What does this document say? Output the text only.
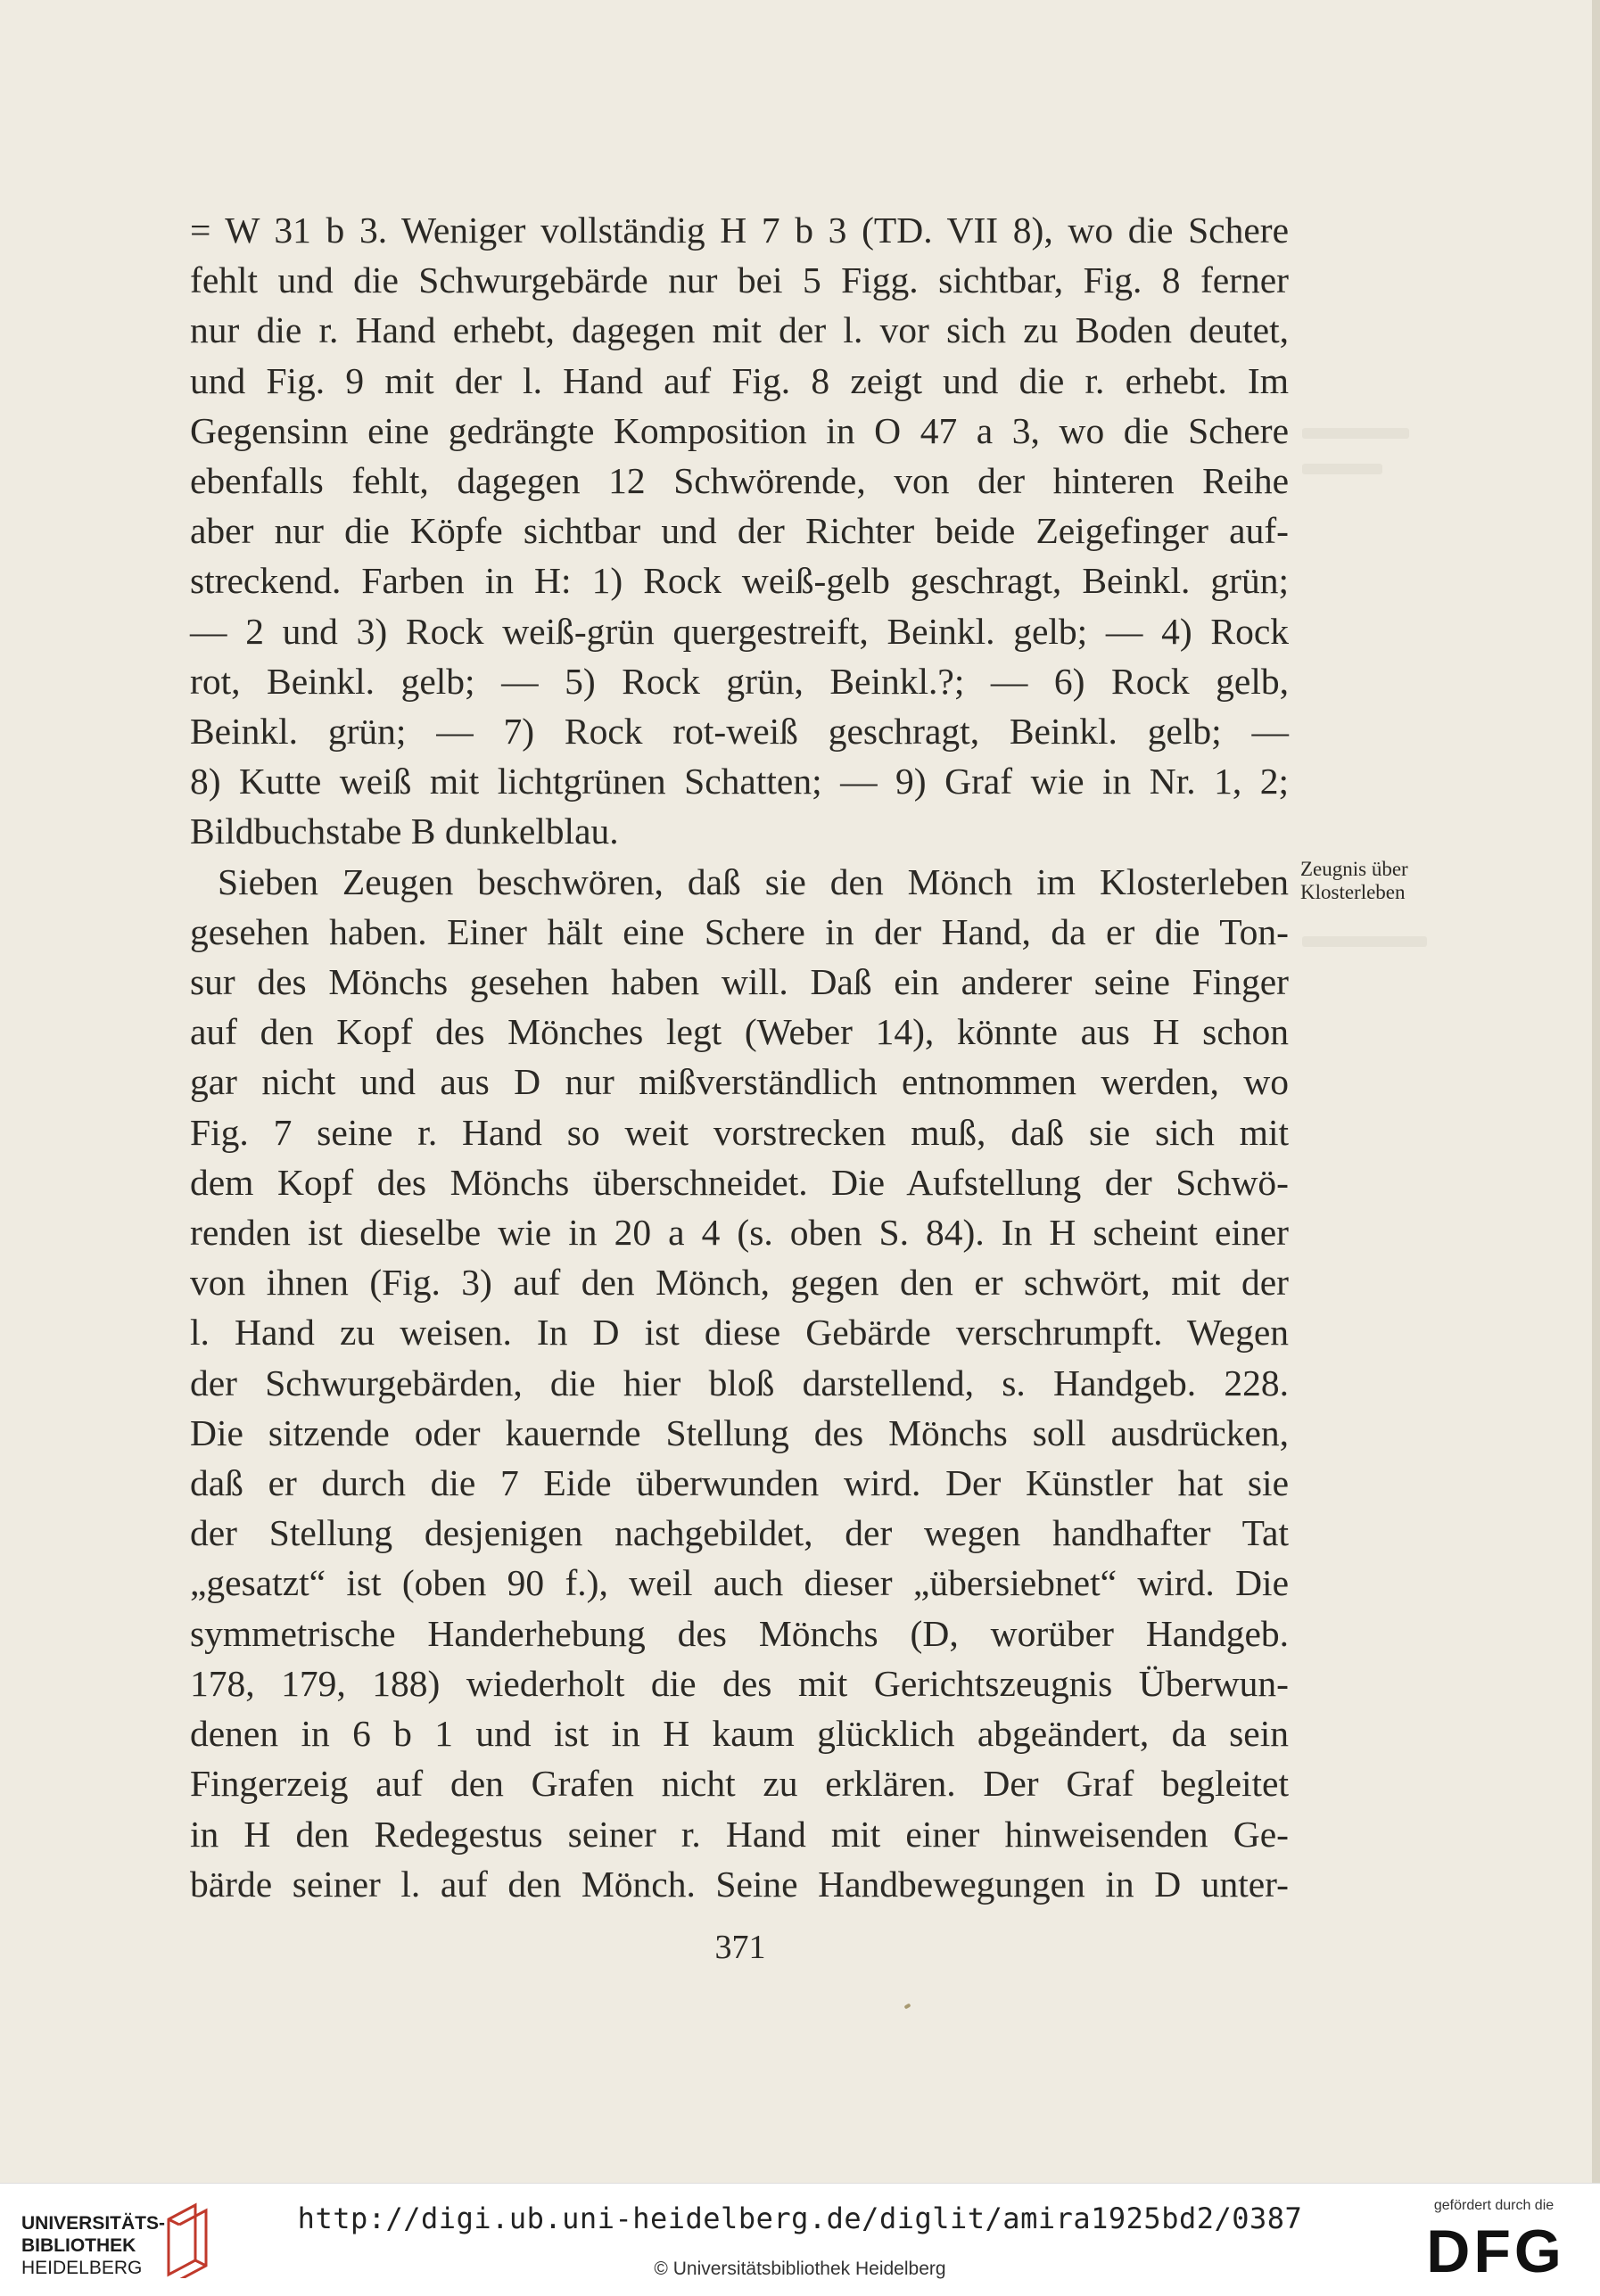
= W 31 b 3. Weniger vollständig H 7 b 3 (TD. VII 8), wo die Schere
fehlt und die Schwurgebärde nur bei 5 Figg. sichtbar, Fig. 8 ferner
nur die r. Hand erhebt, dagegen mit der l. vor sich zu Boden deutet,
und Fig. 9 mit der l. Hand auf Fig. 8 zeigt und die r. erhebt. Im
Gegensinn eine gedrängte Komposition in O 47 a 3, wo die Schere
ebenfalls fehlt, dagegen 12 Schwörende, von der hinteren Reihe
aber nur die Köpfe sichtbar und der Richter beide Zeigefinger auf-
streckend. Farben in H: 1) Rock weiß-gelb geschragt, Beinkl. grün;
— 2 und 3) Rock weiß-grün quergestreift, Beinkl. gelb; — 4) Rock
rot, Beinkl. gelb; — 5) Rock grün, Beinkl.?; — 6) Rock gelb,
Beinkl. grün; — 7) Rock rot-weiß geschragt, Beinkl. gelb; —
8) Kutte weiß mit lichtgrünen Schatten; — 9) Graf wie in Nr. 1, 2;
Bildbuchstabe B dunkelblau.
Sieben Zeugen beschwören, daß sie den Mönch im Klosterleben
gesehen haben. Einer hält eine Schere in der Hand, da er die Ton-
sur des Mönchs gesehen haben will. Daß ein anderer seine Finger
auf den Kopf des Mönches legt (Weber 14), könnte aus H schon
gar nicht und aus D nur mißverständlich entnommen werden, wo
Fig. 7 seine r. Hand so weit vorstrecken muß, daß sie sich mit
dem Kopf des Mönchs überschneidet. Die Aufstellung der Schwö-
renden ist dieselbe wie in 20 a 4 (s. oben S. 84). In H scheint einer
von ihnen (Fig. 3) auf den Mönch, gegen den er schwört, mit der
l. Hand zu weisen. In D ist diese Gebärde verschrumpft. Wegen
der Schwurgebärden, die hier bloß darstellend, s. Handgeb. 228.
Die sitzende oder kauernde Stellung des Mönchs soll ausdrücken,
daß er durch die 7 Eide überwunden wird. Der Künstler hat sie
der Stellung desjenigen nachgebildet, der wegen handhafter Tat
„gesatzt“ ist (oben 90 f.), weil auch dieser „übersiebnet“ wird. Die
symmetrische Handerhebung des Mönchs (D, worüber Handgeb.
178, 179, 188) wiederholt die des mit Gerichtszeugnis Überwun-
denen in 6 b 1 und ist in H kaum glücklich abgeändert, da sein
Fingerzeig auf den Grafen nicht zu erklären. Der Graf begleitet
in H den Redegestus seiner r. Hand mit einer hinweisenden Ge-
bärde seiner l. auf den Mönch. Seine Handbewegungen in D unter-
Zeugnis über
Klosterleben
371
UNIVERSITÄTS-
BIBLIOTHEK
HEIDELBERG
http://digi.ub.uni-heidelberg.de/diglit/amira1925bd2/0387
© Universitätsbibliothek Heidelberg
gefördert durch die
DFG
